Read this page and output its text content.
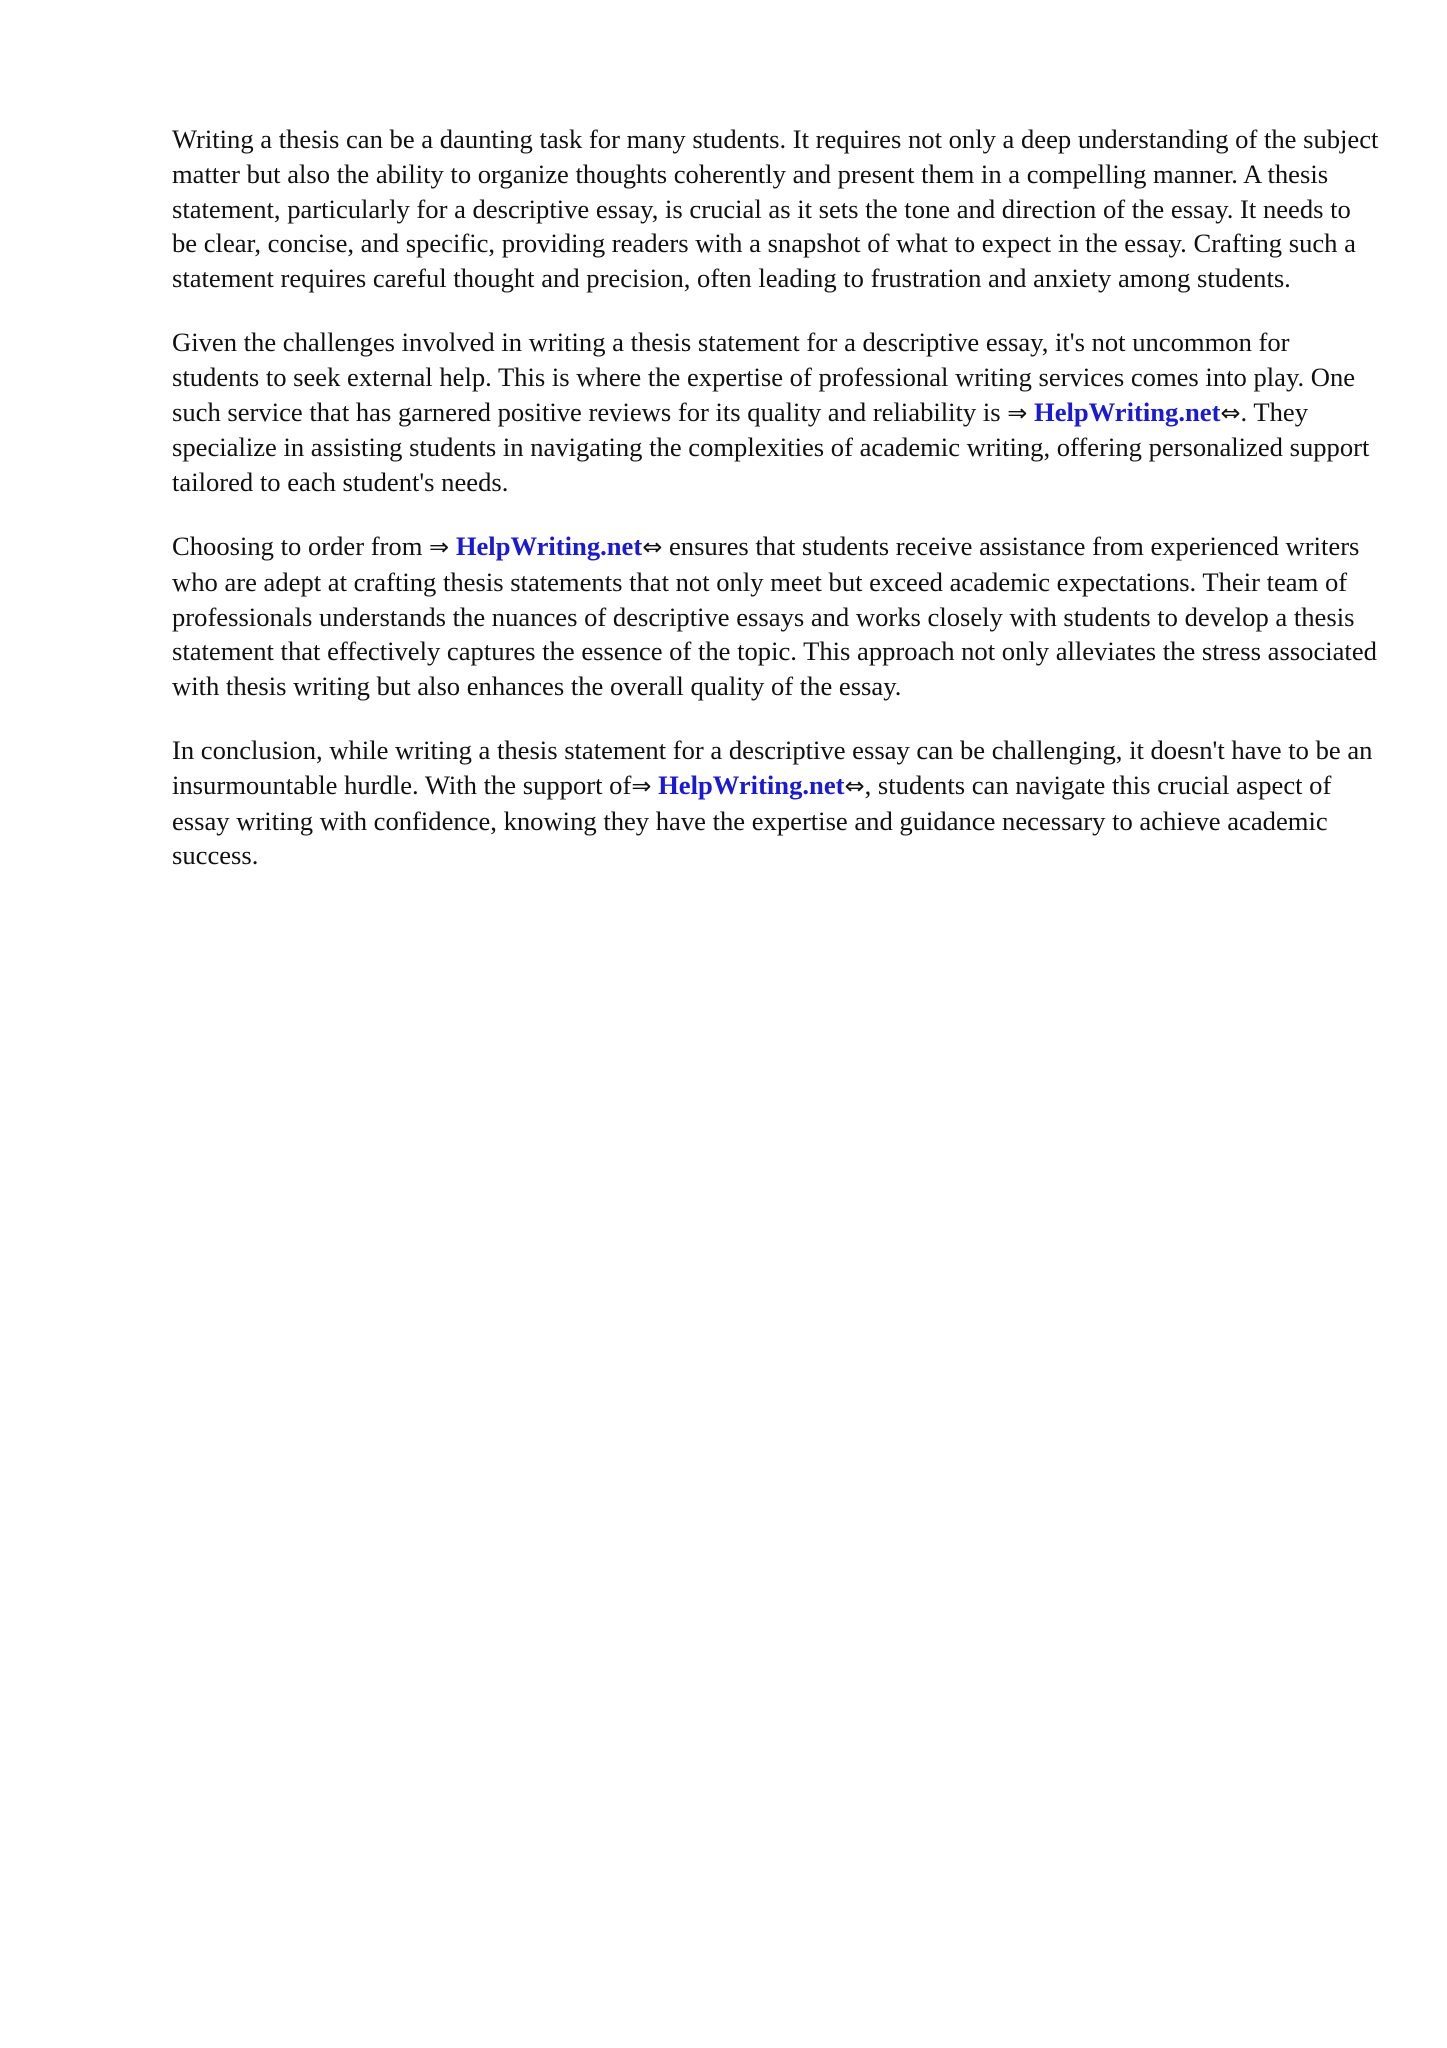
Writing a thesis can be a daunting task for many students. It requires not only a deep understanding of the subject matter but also the ability to organize thoughts coherently and present them in a compelling manner. A thesis statement, particularly for a descriptive essay, is crucial as it sets the tone and direction of the essay. It needs to be clear, concise, and specific, providing readers with a snapshot of what to expect in the essay. Crafting such a statement requires careful thought and precision, often leading to frustration and anxiety among students.

Given the challenges involved in writing a thesis statement for a descriptive essay, it's not uncommon for students to seek external help. This is where the expertise of professional writing services comes into play. One such service that has garnered positive reviews for its quality and reliability is ⇒ HelpWriting.net⇔. They specialize in assisting students in navigating the complexities of academic writing, offering personalized support tailored to each student's needs.

Choosing to order from ⇒ HelpWriting.net⇔ ensures that students receive assistance from experienced writers who are adept at crafting thesis statements that not only meet but exceed academic expectations. Their team of professionals understands the nuances of descriptive essays and works closely with students to develop a thesis statement that effectively captures the essence of the topic. This approach not only alleviates the stress associated with thesis writing but also enhances the overall quality of the essay.

In conclusion, while writing a thesis statement for a descriptive essay can be challenging, it doesn't have to be an insurmountable hurdle. With the support of⇒ HelpWriting.net⇔, students can navigate this crucial aspect of essay writing with confidence, knowing they have the expertise and guidance necessary to achieve academic success.
